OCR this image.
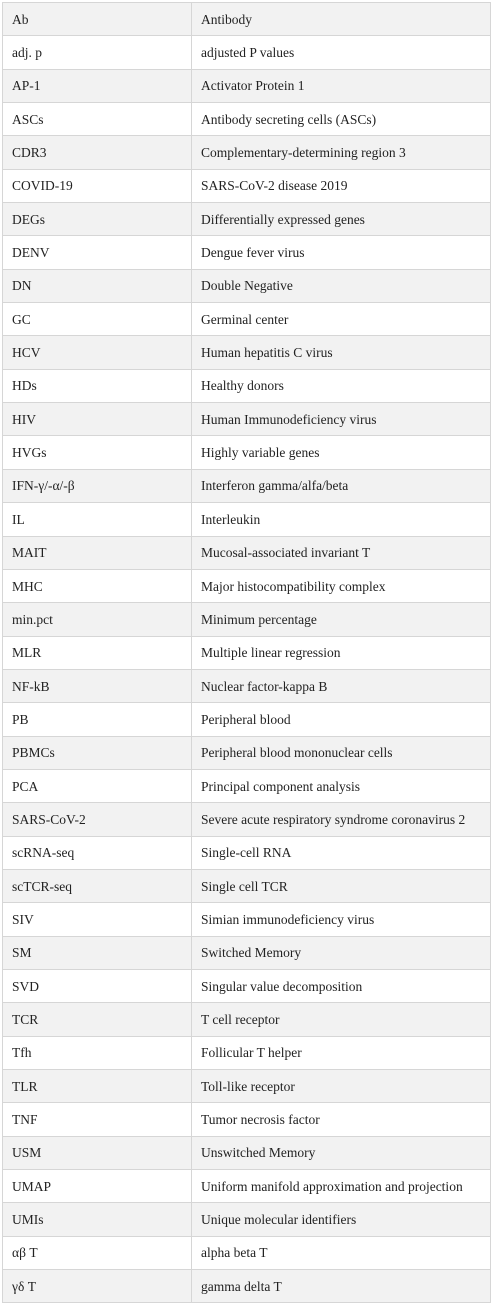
Ab	Antibody
adj. p	adjusted P values
AP-1	Activator Protein 1
ASCs	Antibody secreting cells (ASCs)
CDR3	Complementary-determining region 3
COVID-19	SARS-CoV-2 disease 2019
DEGs	Differentially expressed genes
DENV	Dengue fever virus
DN	Double Negative
GC	Germinal center
HCV	Human hepatitis C virus
HDs	Healthy donors
HIV	Human Immunodeficiency virus
HVGs	Highly variable genes
IFN-γ/-α/-β	Interferon gamma/alfa/beta
IL	Interleukin
MAIT	Mucosal-associated invariant T
MHC	Major histocompatibility complex
min.pct	Minimum percentage
MLR	Multiple linear regression
NF-kB	Nuclear factor-kappa B
PB	Peripheral blood
PBMCs	Peripheral blood mononuclear cells
PCA	Principal component analysis
SARS-CoV-2	Severe acute respiratory syndrome coronavirus 2
scRNA-seq	Single-cell RNA
scTCR-seq	Single cell TCR
SIV	Simian immunodeficiency virus
SM	Switched Memory
SVD	Singular value decomposition
TCR	T cell receptor
Tfh	Follicular T helper
TLR	Toll-like receptor
TNF	Tumor necrosis factor
USM	Unswitched Memory
UMAP	Uniform manifold approximation and projection
UMIs	Unique molecular identifiers
αβ T	alpha beta T
γδ T	gamma delta T
